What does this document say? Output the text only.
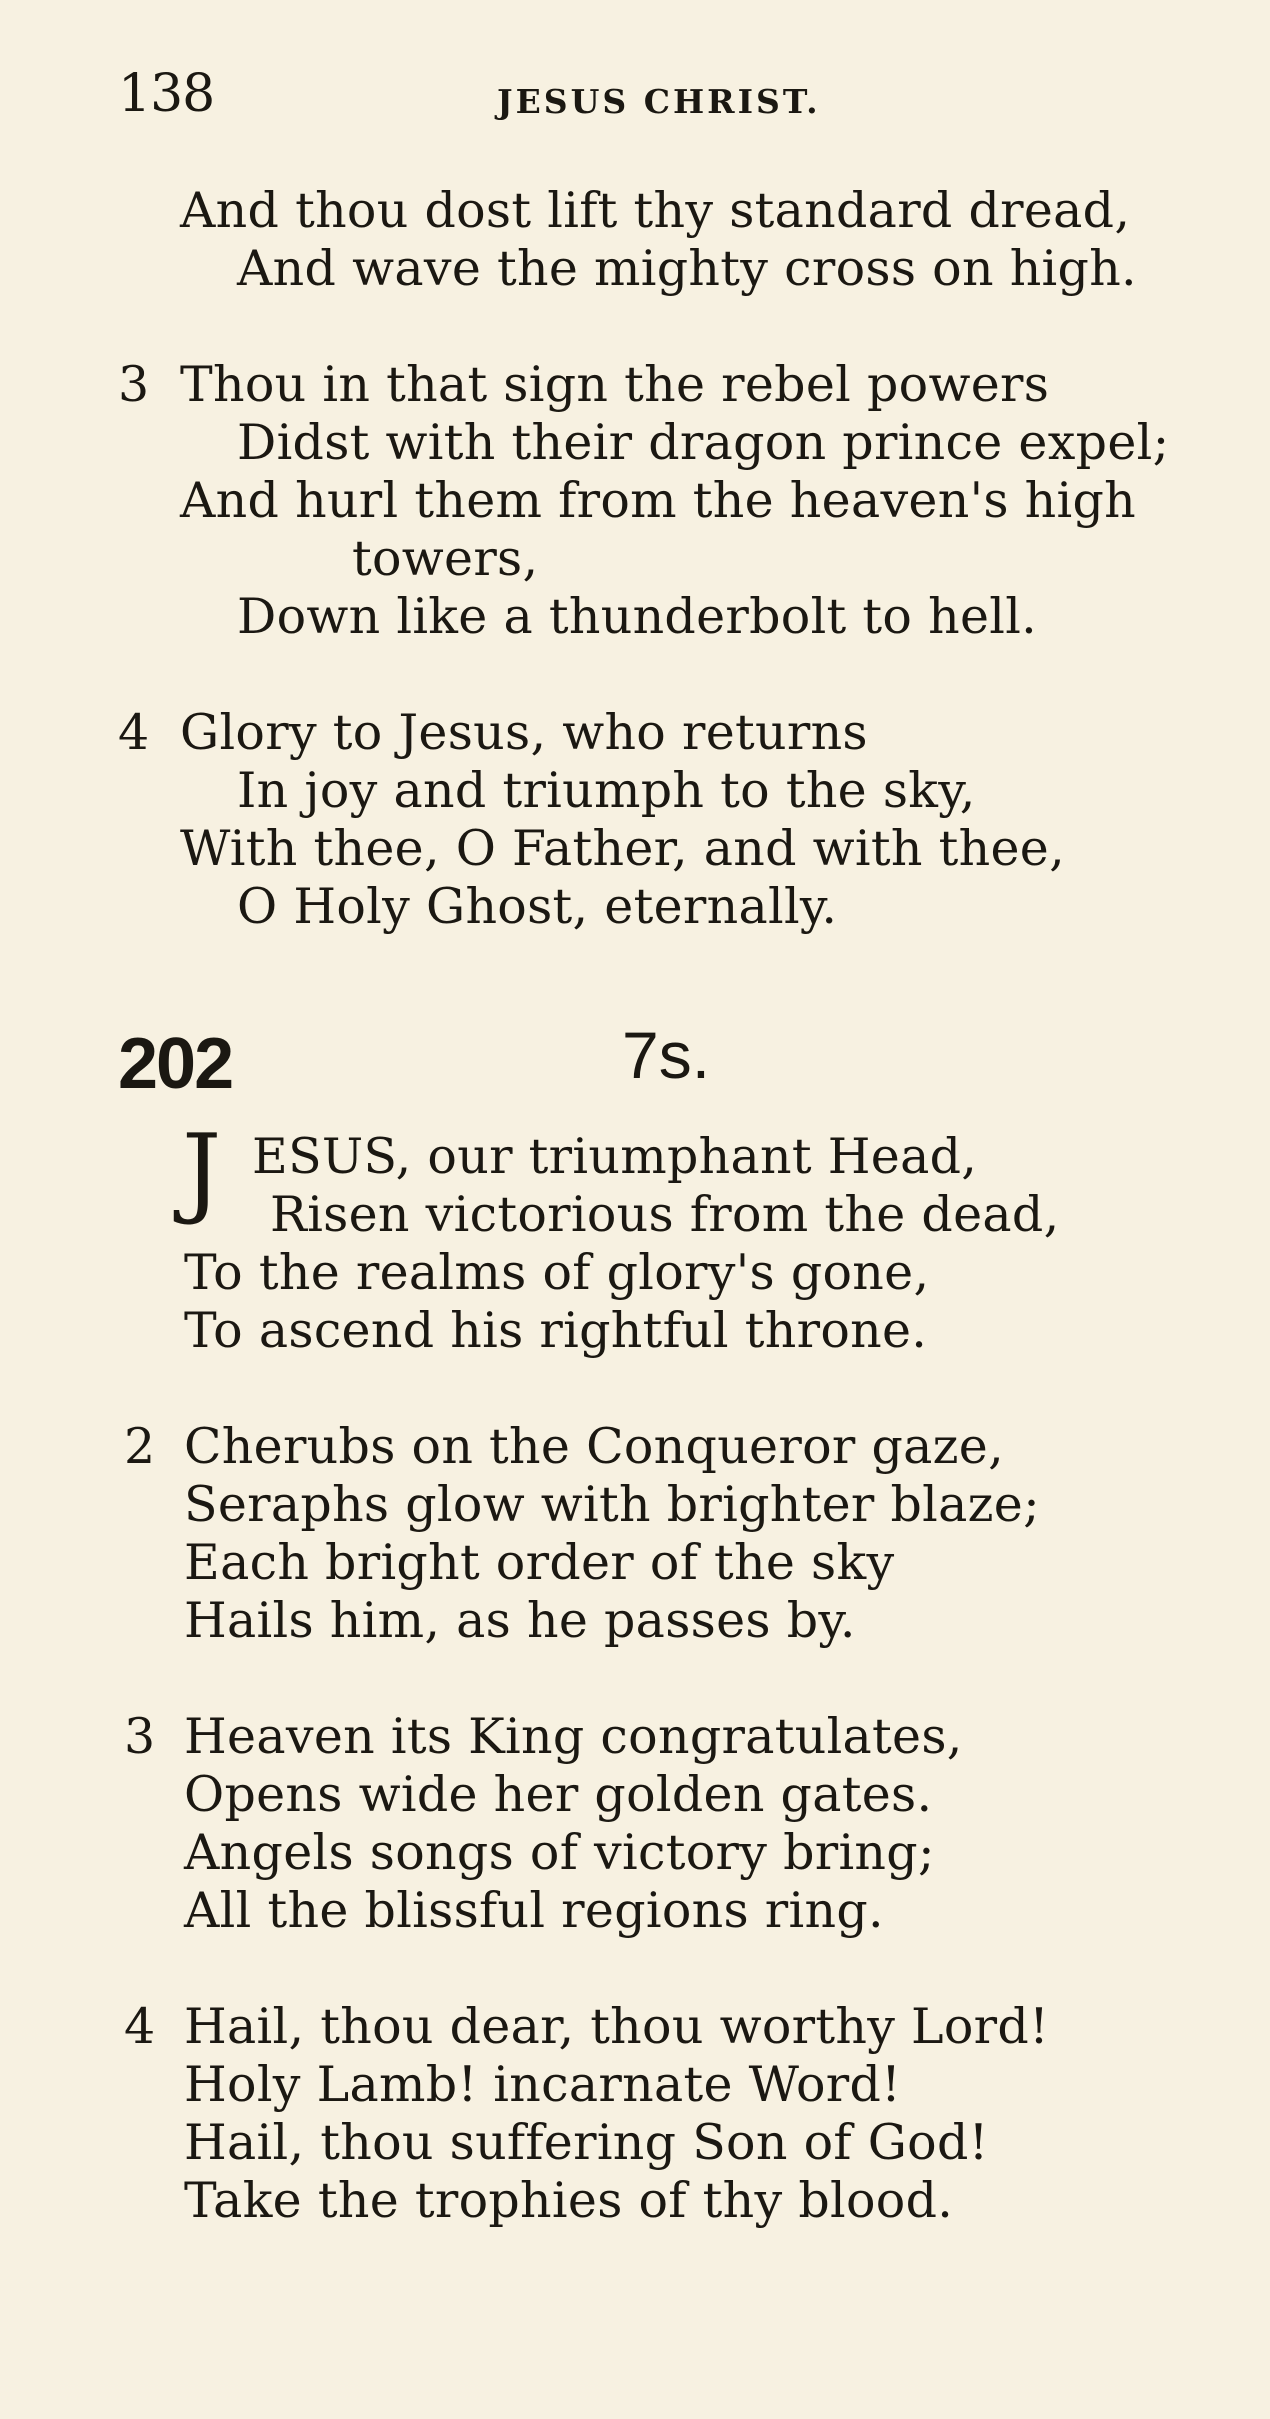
138	JESUS CHRIST.
And thou dost lift thy standard dread,
And wave the mighty cross on high.
3 Thou in that sign the rebel powers
Didst with their dragon prince expel;
And hurl them from the heaven's high
towers,
Down like a thunderbolt to hell.
4 Glory to Jesus, who returns
In joy and triumph to the sky,
With thee, O Father, and with thee,
O Holy Ghost, eternally.
202	7s.
J ESUS, our triumphant Head,
Risen victorious from the dead,
To the realms of glory's gone,
To ascend his rightful throne.
2 Cherubs on the Conqueror gaze,
Seraphs glow with brighter blaze;
Each bright order of the sky
Hails him, as he passes by.
3 Heaven its King congratulates,
Opens wide her golden gates.
Angels songs of victory bring;
All the blissful regions ring.
4 Hail, thou dear, thou worthy Lord!
Holy Lamb! incarnate Word!
Hail, thou suffering Son of God!
Take the trophies of thy blood.
